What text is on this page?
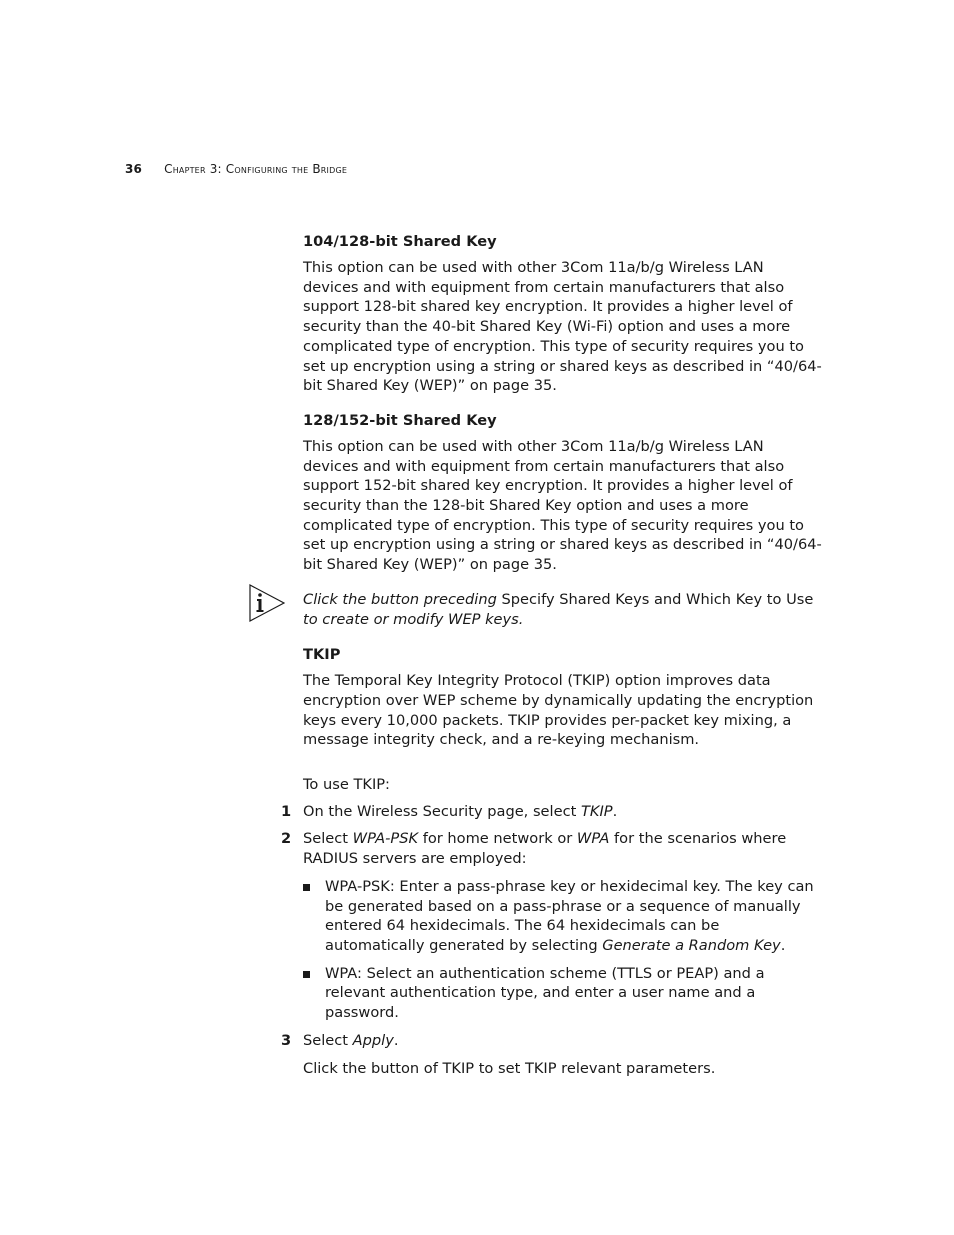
36 Chapter 3: Configuring the Bridge
104/128-bit Shared Key

This option can be used with other 3Com 11a/b/g Wireless LAN devices and with equipment from certain manufacturers that also support 128-bit shared key encryption. It provides a higher level of security than the 40-bit Shared Key (Wi-Fi) option and uses a more complicated type of encryption. This type of security requires you to set up encryption using a string or shared keys as described in “40/64-bit Shared Key (WEP)” on page 35.

128/152-bit Shared Key

This option can be used with other 3Com 11a/b/g Wireless LAN devices and with equipment from certain manufacturers that also support 152-bit shared key encryption. It provides a higher level of security than the 128-bit Shared Key option and uses a more complicated type of encryption. This type of security requires you to set up encryption using a string or shared keys as described in “40/64-bit Shared Key (WEP)” on page 35.

Click the button preceding Specify Shared Keys and Which Key to Use to create or modify WEP keys.

TKIP

The Temporal Key Integrity Protocol (TKIP) option improves data encryption over WEP scheme by dynamically updating the encryption keys every 10,000 packets. TKIP provides per-packet key mixing, a message integrity check, and a re-keying mechanism.

To use TKIP:

1 On the Wireless Security page, select TKIP.

2 Select WPA-PSK for home network or WPA for the scenarios where RADIUS servers are employed:

WPA-PSK: Enter a pass-phrase key or hexidecimal key. The key can be generated based on a pass-phrase or a sequence of manually entered 64 hexidecimals. The 64 hexidecimals can be automatically generated by selecting Generate a Random Key.

WPA: Select an authentication scheme (TTLS or PEAP) and a relevant authentication type, and enter a user name and a password.

3 Select Apply.

Click the button of TKIP to set TKIP relevant parameters.
